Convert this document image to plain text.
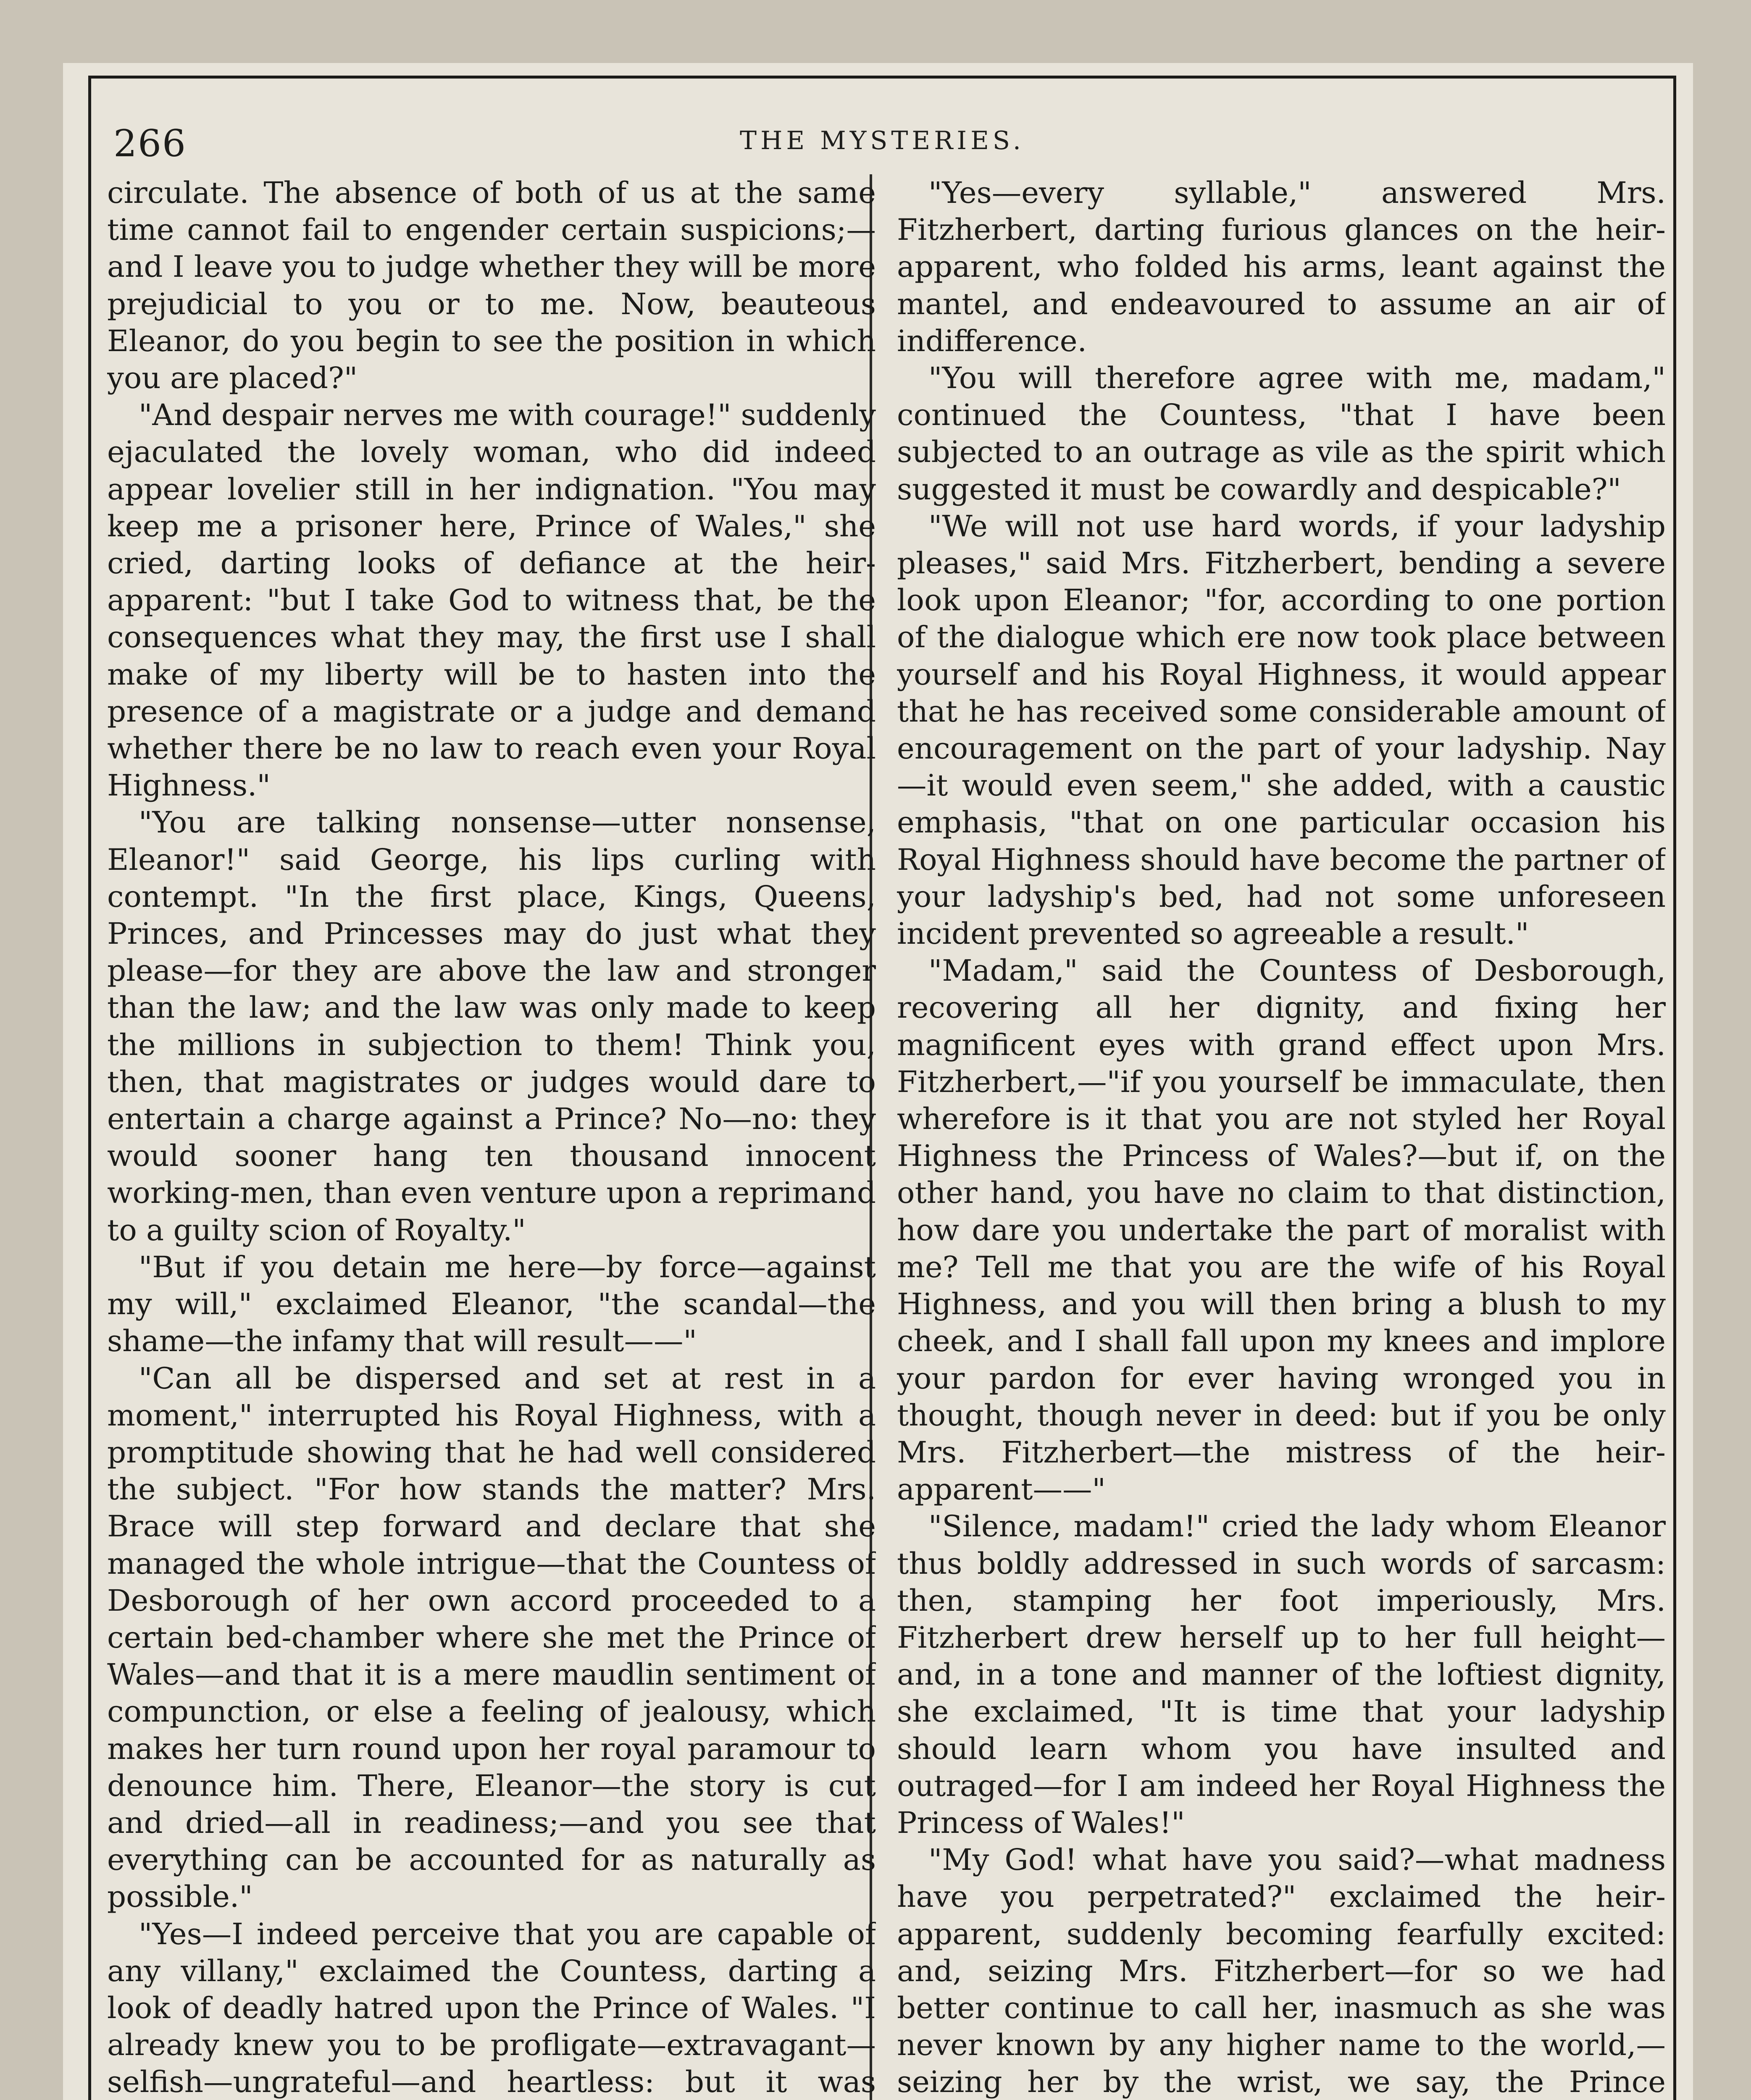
266	THE MYSTERIES.

circulate. The absence of both of us at the same time cannot fail to engender certain suspicions;—and I leave you to judge whether they will be more prejudicial to you or to me. Now, beauteous Eleanor, do you begin to see the position in which you are placed?"

"And despair nerves me with courage!" suddenly ejaculated the lovely woman, who did indeed appear lovelier still in her indignation. "You may keep me a prisoner here, Prince of Wales," she cried, darting looks of defiance at the heir-apparent: "but I take God to witness that, be the consequences what they may, the first use I shall make of my liberty will be to hasten into the presence of a magistrate or a judge and demand whether there be no law to reach even your Royal Highness."

"You are talking nonsense—utter nonsense, Eleanor!" said George, his lips curling with contempt. "In the first place, Kings, Queens, Princes, and Princesses may do just what they please—for they are above the law and stronger than the law; and the law was only made to keep the millions in subjection to them! Think you, then, that magistrates or judges would dare to entertain a charge against a Prince? No—no: they would sooner hang ten thousand innocent working-men, than even venture upon a reprimand to a guilty scion of Royalty."

"But if you detain me here—by force—against my will," exclaimed Eleanor, "the scandal—the shame—the infamy that will result——"

"Can all be dispersed and set at rest in a moment," interrupted his Royal Highness, with a promptitude showing that he had well considered the subject. "For how stands the matter? Mrs. Brace will step forward and declare that she managed the whole intrigue—that the Countess of Desborough of her own accord proceeded to a certain bed-chamber where she met the Prince of Wales—and that it is a mere maudlin sentiment of compunction, or else a feeling of jealousy, which makes her turn round upon her royal paramour to denounce him. There, Eleanor—the story is cut and dried—all in readiness;—and you see that everything can be accounted for as naturally as possible."

"Yes—I indeed perceive that you are capable of any villany," exclaimed the Countess, darting a look of deadly hatred upon the Prince of Wales. "I already knew you to be profligate—extravagant—selfish—ungrateful—and heartless: but it was

"Yes—every syllable," answered Mrs. Fitzherbert, darting furious glances on the heir-apparent, who folded his arms, leant against the mantel, and endeavoured to assume an air of indifference.

"You will therefore agree with me, madam," continued the Countess, "that I have been subjected to an outrage as vile as the spirit which suggested it must be cowardly and despicable?"

"We will not use hard words, if your ladyship pleases," said Mrs. Fitzherbert, bending a severe look upon Eleanor; "for, according to one portion of the dialogue which ere now took place between yourself and his Royal Highness, it would appear that he has received some considerable amount of encouragement on the part of your ladyship. Nay—it would even seem," she added, with a caustic emphasis, "that on one particular occasion his Royal Highness should have become the partner of your ladyship's bed, had not some unforeseen incident prevented so agreeable a result."

"Madam," said the Countess of Desborough, recovering all her dignity, and fixing her magnificent eyes with grand effect upon Mrs. Fitzherbert,—"if you yourself be immaculate, then wherefore is it that you are not styled her Royal Highness the Princess of Wales?—but if, on the other hand, you have no claim to that distinction, how dare you undertake the part of moralist with me? Tell me that you are the wife of his Royal Highness, and you will then bring a blush to my cheek, and I shall fall upon my knees and implore your pardon for ever having wronged you in thought, though never in deed: but if you be only Mrs. Fitzherbert—the mistress of the heir-apparent——"

"Silence, madam!" cried the lady whom Eleanor thus boldly addressed in such words of sarcasm: then, stamping her foot imperiously, Mrs. Fitzherbert drew herself up to her full height—and, in a tone and manner of the loftiest dignity, she exclaimed, "It is time that your ladyship should learn whom you have insulted and outraged—for I am indeed her Royal Highness the Princess of Wales!"

"My God! what have you said?—what madness have you perpetrated?" exclaimed the heir-apparent, suddenly becoming fearfully excited: and, seizing Mrs. Fitzherbert—for so we had better continue to call her, inasmuch as she was never known by any higher name to the world,—seizing her by the wrist, we say, the Prince
